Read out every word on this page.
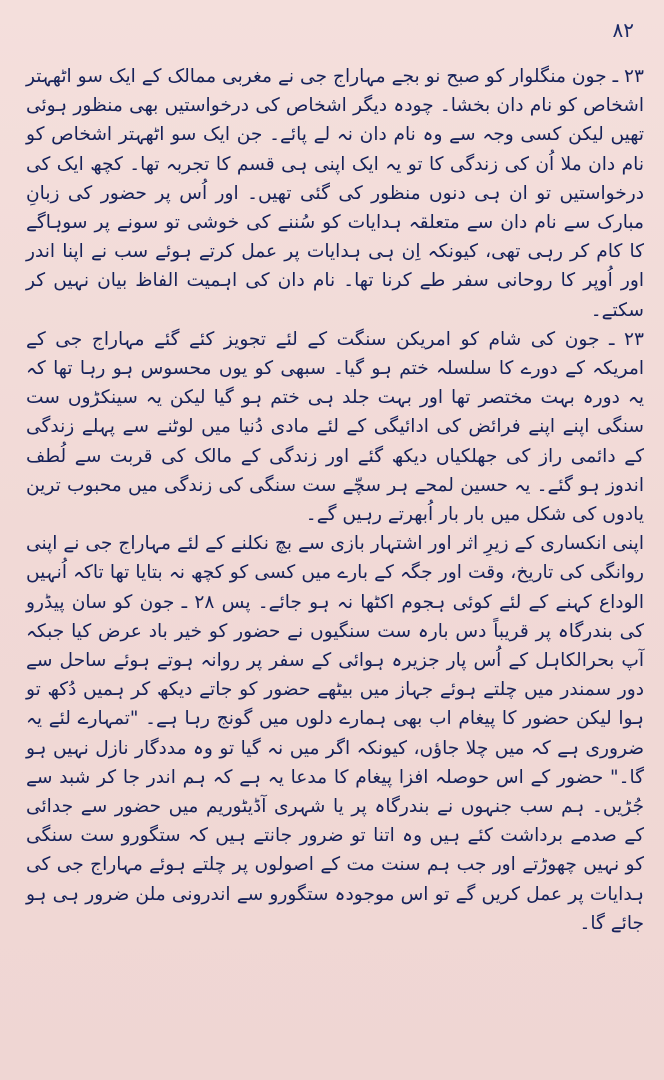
۸۲

۲۳ ـ جون منگلوار کو صبح نو بجے مہاراج جی نے مغربی ممالک کے ایک سو اٹھہتر اشخاص کو نام دان بخشا۔ چودہ دیگر اشخاص کی درخواستیں بھی منظور ہوئی تھیں لیکن کسی وجہ سے وہ نام دان نہ لے پائے۔ جن ایک سو اٹھہتر اشخاص کو نام دان ملا اُن کی زندگی کا تو یہ ایک اپنی ہی قسم کا تجربہ تھا۔ کچھ ایک کی درخواستیں تو ان ہی دنوں منظور کی گئی تھیں۔ اور اُس پر حضور کی زبانِ مبارک سے نام دان سے متعلقہ ہدایات کو سُننے کی خوشی تو سونے پر سوہاگے کا کام کر رہی تھی، کیونکہ اِن ہی ہدایات پر عمل کرتے ہوئے سب نے اپنا اندر اور اُوپر کا روحانی سفر طے کرنا تھا۔ نام دان کی اہمیت الفاظ بیان نہیں کر سکتے۔

۲۳ ـ جون کی شام کو امریکن سنگت کے لئے تجویز کئے گئے مہاراج جی کے امریکہ کے دورے کا سلسلہ ختم ہو گیا۔ سبھی کو یوں محسوس ہو رہا تھا کہ یہ دورہ بہت مختصر تھا اور بہت جلد ہی ختم ہو گیا لیکن یہ سینکڑوں ست سنگی اپنے اپنے فرائض کی ادائیگی کے لئے مادی دُنیا میں لوٹنے سے پہلے زندگی کے دائمی راز کی جھلکیاں دیکھ گئے اور زندگی کے مالک کی قربت سے لُطف اندوز ہو گئے۔ یہ حسین لمحے ہر سچّے ست سنگی کی زندگی میں محبوب ترین یادوں کی شکل میں بار بار اُبھرتے رہیں گے۔

اپنی انکساری کے زیرِ اثر اور اشتہار بازی سے بچ نکلنے کے لئے مہاراج جی نے اپنی روانگی کی تاریخ، وقت اور جگہ کے بارے میں کسی کو کچھ نہ بتایا تھا تاکہ اُنہیں الوداع کہنے کے لئے کوئی ہجوم اکٹھا نہ ہو جائے۔ پس ۲۸ ـ جون کو سان پیڈرو کی بندرگاہ پر قریباً دس بارہ ست سنگیوں نے حضور کو خیر باد عرض کیا جبکہ آپ بحرالکاہل کے اُس پار جزیرہ ہوائی کے سفر پر روانہ ہوتے ہوئے ساحل سے دور سمندر میں چلتے ہوئے جہاز میں بیٹھے حضور کو جاتے دیکھ کر ہمیں دُکھ تو ہوا لیکن حضور کا پیغام اب بھی ہمارے دلوں میں گونج رہا ہے۔ "تمہارے لئے یہ ضروری ہے کہ میں چلا جاؤں، کیونکہ اگر میں نہ گیا تو وہ مددگار نازل نہیں ہو گا۔" حضور کے اس حوصلہ افزا پیغام کا مدعا یہ ہے کہ ہم اندر جا کر شبد سے جُڑیں۔ ہم سب جنہوں نے بندرگاہ پر یا شہری آڈیٹوریم میں حضور سے جدائی کے صدمے برداشت کئے ہیں وہ اتنا تو ضرور جانتے ہیں کہ ستگورو ست سنگی کو نہیں چھوڑتے اور جب ہم سنت مت کے اصولوں پر چلتے ہوئے مہاراج جی کی ہدایات پر عمل کریں گے تو اس موجودہ ستگورو سے اندرونی ملن ضرور ہی ہو جائے گا۔
